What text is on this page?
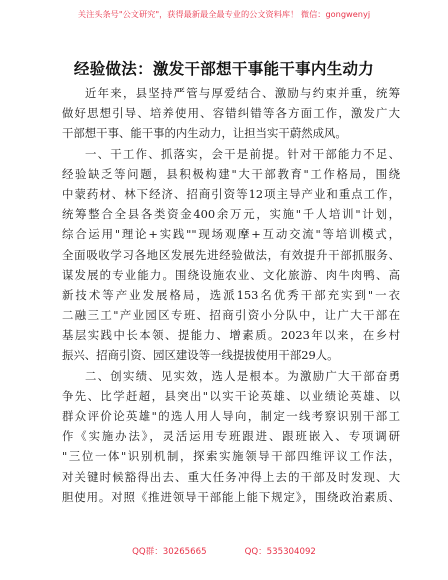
关注头条号"公文研究"，获得最新最全最专业的公文资料库！ 微信：gongwenyj
经验做法：激发干部想干事能干事内生动力
近年来，县坚持严管与厚爱结合、激励与约束并重，统筹
做好思想引导、培养使用、容错纠错等各方面工作，激发广大
干部想干事、能干事的内生动力，让担当实干蔚然成风。
一、干工作、抓落实，会干是前提。针对干部能力不足、
经验缺乏等问题，县积极构建"大干部教育"工作格局，围绕
中蒙药材、林下经济、招商引资等12项主导产业和重点工作，
统筹整合全县各类资金400余万元，实施"千人培训"计划，
综合运用"理论+实践""现场观摩+互动交流"等培训模式，
全面吸收学习各地区发展先进经验做法，有效提升干部抓服务、
谋发展的专业能力。围绕设施农业、文化旅游、肉牛肉鸭、高
新技术等产业发展格局，选派153名优秀干部充实到"一衣
二融三工"产业园区专班、招商引资小分队中，让广大干部在
基层实践中长本领、提能力、增素质。2023年以来，在乡村
振兴、招商引资、园区建设等一线提拔使用干部29人。
二、创实绩、见实效，选人是根本。为激励广大干部奋勇
争先、比学赶超，县突出"以实干论英雄、以业绩论英雄、以
群众评价论英雄"的选人用人导向，制定一线考察识别干部工
作《实施办法》，灵活运用专班跟进、跟班嵌入、专项调研
"三位一体"识别机制，探索实施领导干部四维评议工作法，
对关键时候豁得出去、重大任务冲得上去的干部及时发现、大
胆使用。对照《推进领导干部能上能下规定》，围绕政治素质、
QQ群：30265665	QQ：535304092
